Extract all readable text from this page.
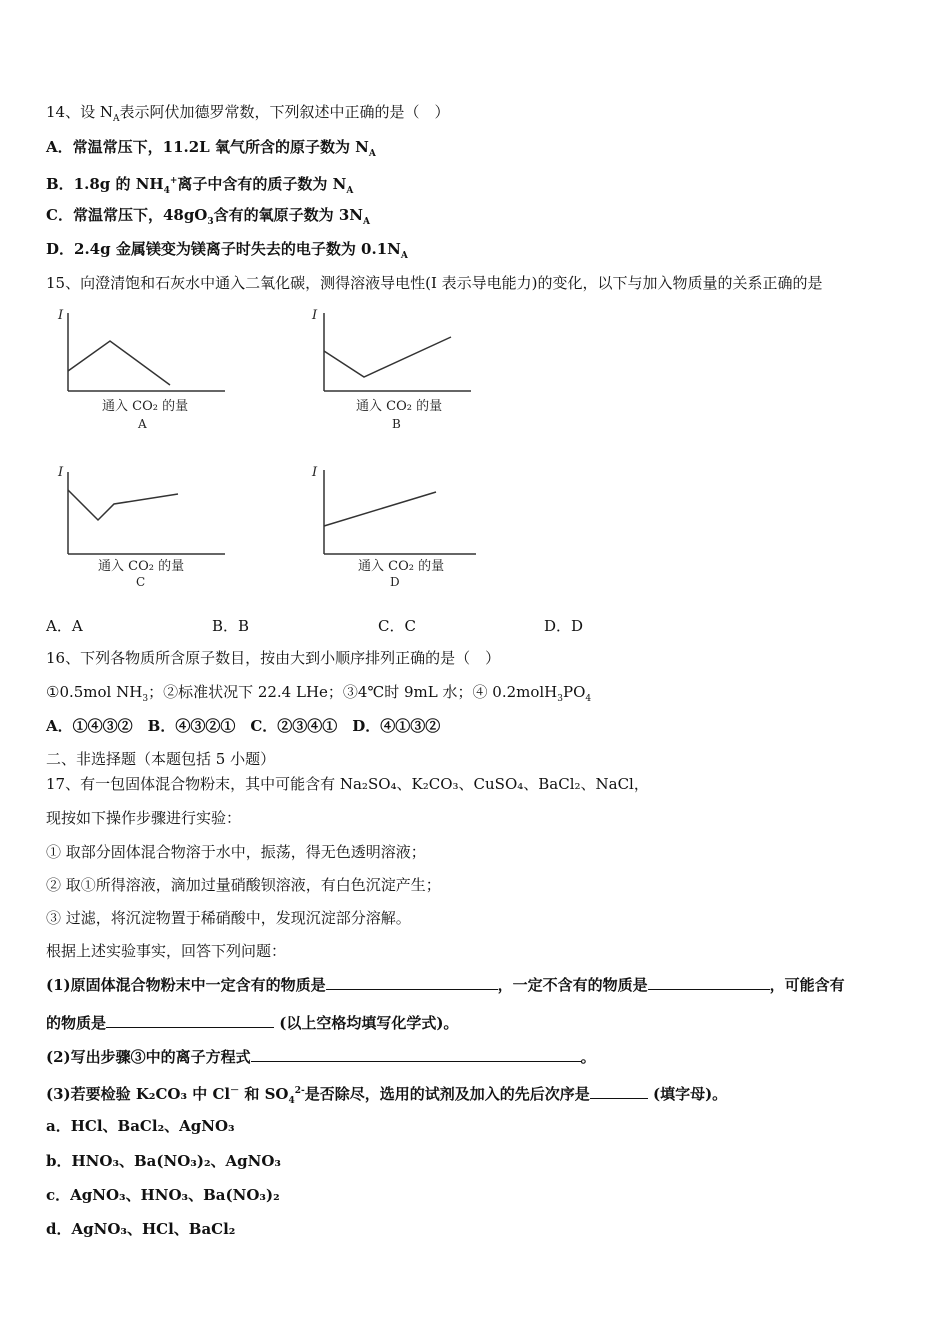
14、设 $N_A$表示阿伏加德罗常数，下列叙述中正确的是（　）
A．常温常压下，11.2L 氧气所含的原子数为 $N_A$
B．1.8g 的 $NH_4^+$离子中含有的质子数为 $N_A$
C．常温常压下，$48gO_3$含有的氧原子数为 $3N_A$
D．2.4g 金属镁变为镁离子时失去的电子数为 $0.1N_A$
15、向澄清饱和石灰水中通入二氧化碳，测得溶液导电性(I 表示导电能力)的变化，以下与加入物质量的关系正确的是
I
通入 CO₂ 的量
A
I
通入 CO₂ 的量
B
I
通入 CO₂ 的量
C
I
通入 CO₂ 的量
D
A．A	B．B	C．C	D．D
16、下列各物质所含原子数目，按由大到小顺序排列正确的是（　）
①0.5mol $NH_3$；②标准状况下 22.4 LHe；③4℃时 9mL 水；④ $0.2molH_3PO_4$
A．①④③②　B．④③②①　C．②③④①　D．④①③②
二、非选择题（本题包括 5 小题）
17、有一包固体混合物粉末，其中可能含有 Na₂SO₄、K₂CO₃、CuSO₄、BaCl₂、NaCl，
现按如下操作步骤进行实验：
① 取部分固体混合物溶于水中，振荡，得无色透明溶液；
② 取①所得溶液，滴加过量硝酸钡溶液，有白色沉淀产生；
③ 过滤，将沉淀物置于稀硝酸中，发现沉淀部分溶解。
根据上述实验事实，回答下列问题：
(1)原固体混合物粉末中一定含有的物质是	，一定不含有的物质是	，可能含有
的物质是	(以上空格均填写化学式)。
(2)写出步骤③中的离子方程式	。
(3)若要检验 K₂CO₃ 中 Cl－ 和 $SO_4^{2-}$是否除尽，选用的试剂及加入的先后次序是	(填字母)。
a．HCl、BaCl₂、AgNO₃
b．HNO₃、Ba(NO₃)₂、AgNO₃
c．AgNO₃、HNO₃、Ba(NO₃)₂
d．AgNO₃、HCl、BaCl₂
